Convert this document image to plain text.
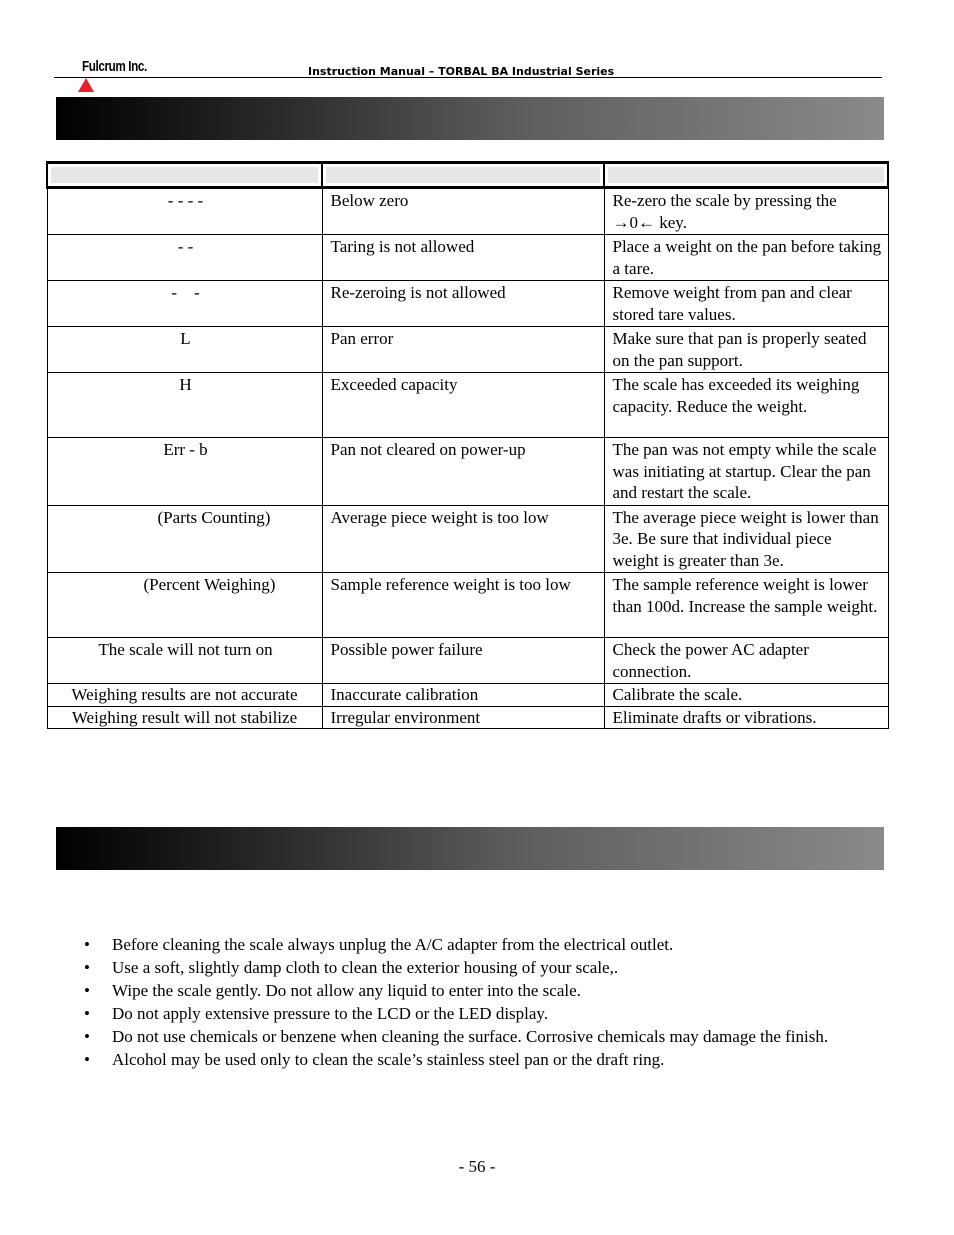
Fulcrum Inc.	Instruction Manual – TORBAL BA Industrial Series

- - - -	Below zero	Re-zero the scale by pressing the →0← key.
- -	Taring is not allowed	Place a weight on the pan before taking a tare.
-    -	Re-zeroing is not allowed	Remove weight from pan and clear stored tare values.
L	Pan error	Make sure that pan is properly seated on the pan support.
H	Exceeded capacity	The scale has exceeded its weighing capacity. Reduce the weight.
Err - b	Pan not cleared on power-up	The pan was not empty while the scale was initiating at startup. Clear the pan and restart the scale.
(Parts Counting)	Average piece weight is too low	The average piece weight is lower than 3e. Be sure that individual piece weight is greater than 3e.
(Percent Weighing)	Sample reference weight is too low	The sample reference weight is lower than 100d. Increase the sample weight.
The scale will not turn on	Possible power failure	Check the power AC adapter connection.
Weighing results are not accurate	Inaccurate calibration	Calibrate the scale.
Weighing result will not stabilize	Irregular environment	Eliminate drafts or vibrations.
• Before cleaning the scale always unplug the A/C adapter from the electrical outlet.
• Use a soft, slightly damp cloth to clean the exterior housing of your scale,.
• Wipe the scale gently. Do not allow any liquid to enter into the scale.
• Do not apply extensive pressure to the LCD or the LED display.
• Do not use chemicals or benzene when cleaning the surface. Corrosive chemicals may damage the finish.
• Alcohol may be used only to clean the scale’s stainless steel pan or the draft ring.
- 56 -
